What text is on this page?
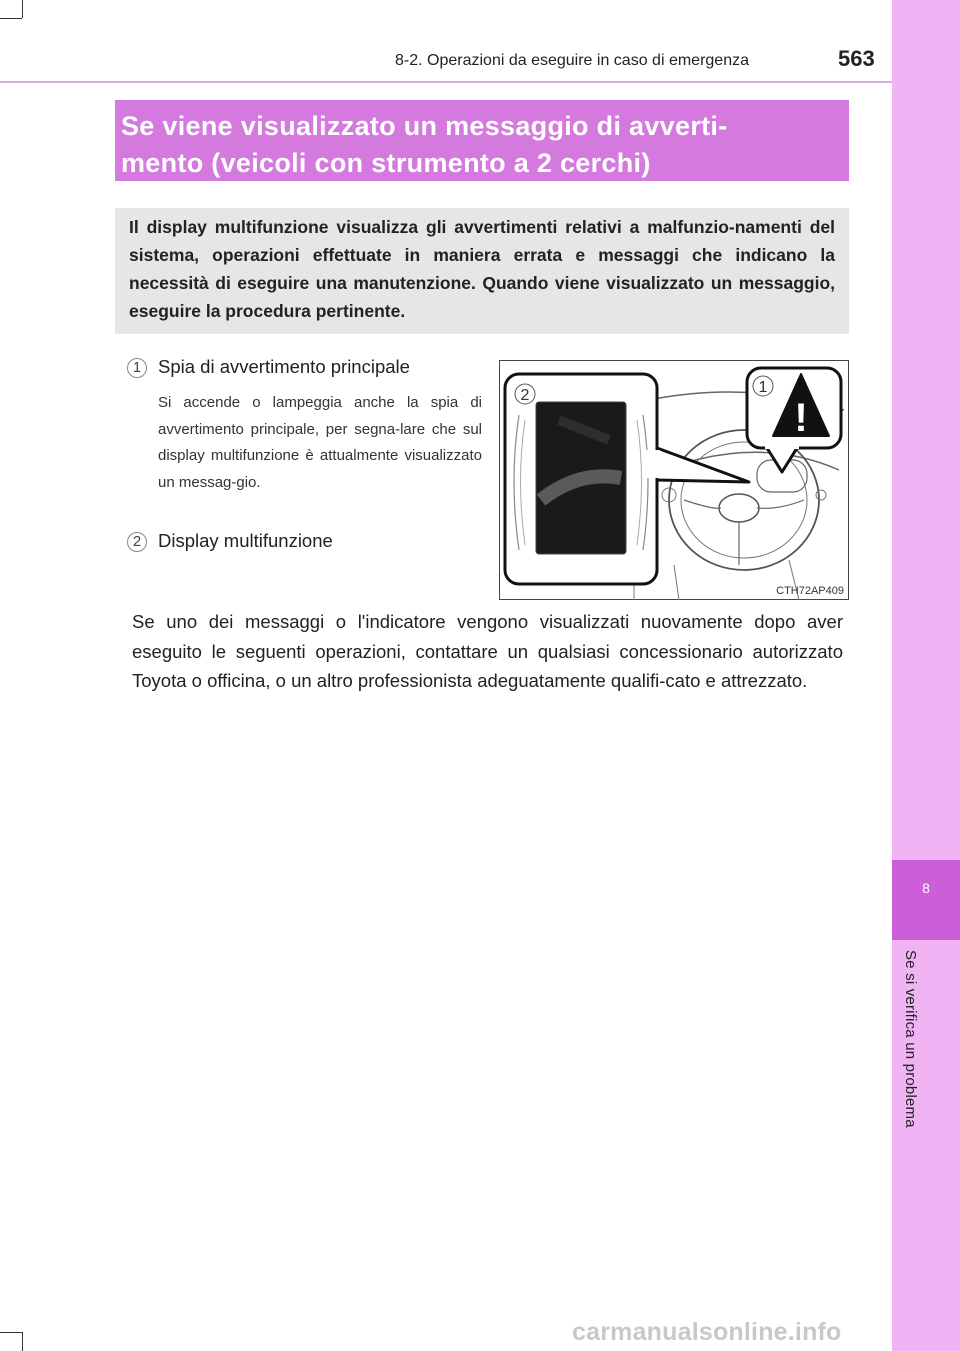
8-2. Operazioni da eseguire in caso di emergenza	563
8
Se si verifica un problema
Se viene visualizzato un messaggio di avverti-
mento (veicoli con strumento a 2 cerchi)
Il display multifunzione visualizza gli avvertimenti relativi a malfunzio-namenti del sistema, operazioni effettuate in maniera errata e messaggi che indicano la necessità di eseguire una manutenzione. Quando viene visualizzato un messaggio, eseguire la procedura pertinente.
1 Spia di avvertimento principale
Si accende o lampeggia anche la spia di avvertimento principale, per segna-lare che sul display multifunzione è attualmente visualizzato un messag-gio.
2 Display multifunzione
2
!
1
CTH72AP409
Se uno dei messaggi o l'indicatore vengono visualizzati nuovamente dopo aver eseguito le seguenti operazioni, contattare un qualsiasi concessionario autorizzato Toyota o officina, o un altro professionista adeguatamente qualifi-cato e attrezzato.
carmanualsonline.info
